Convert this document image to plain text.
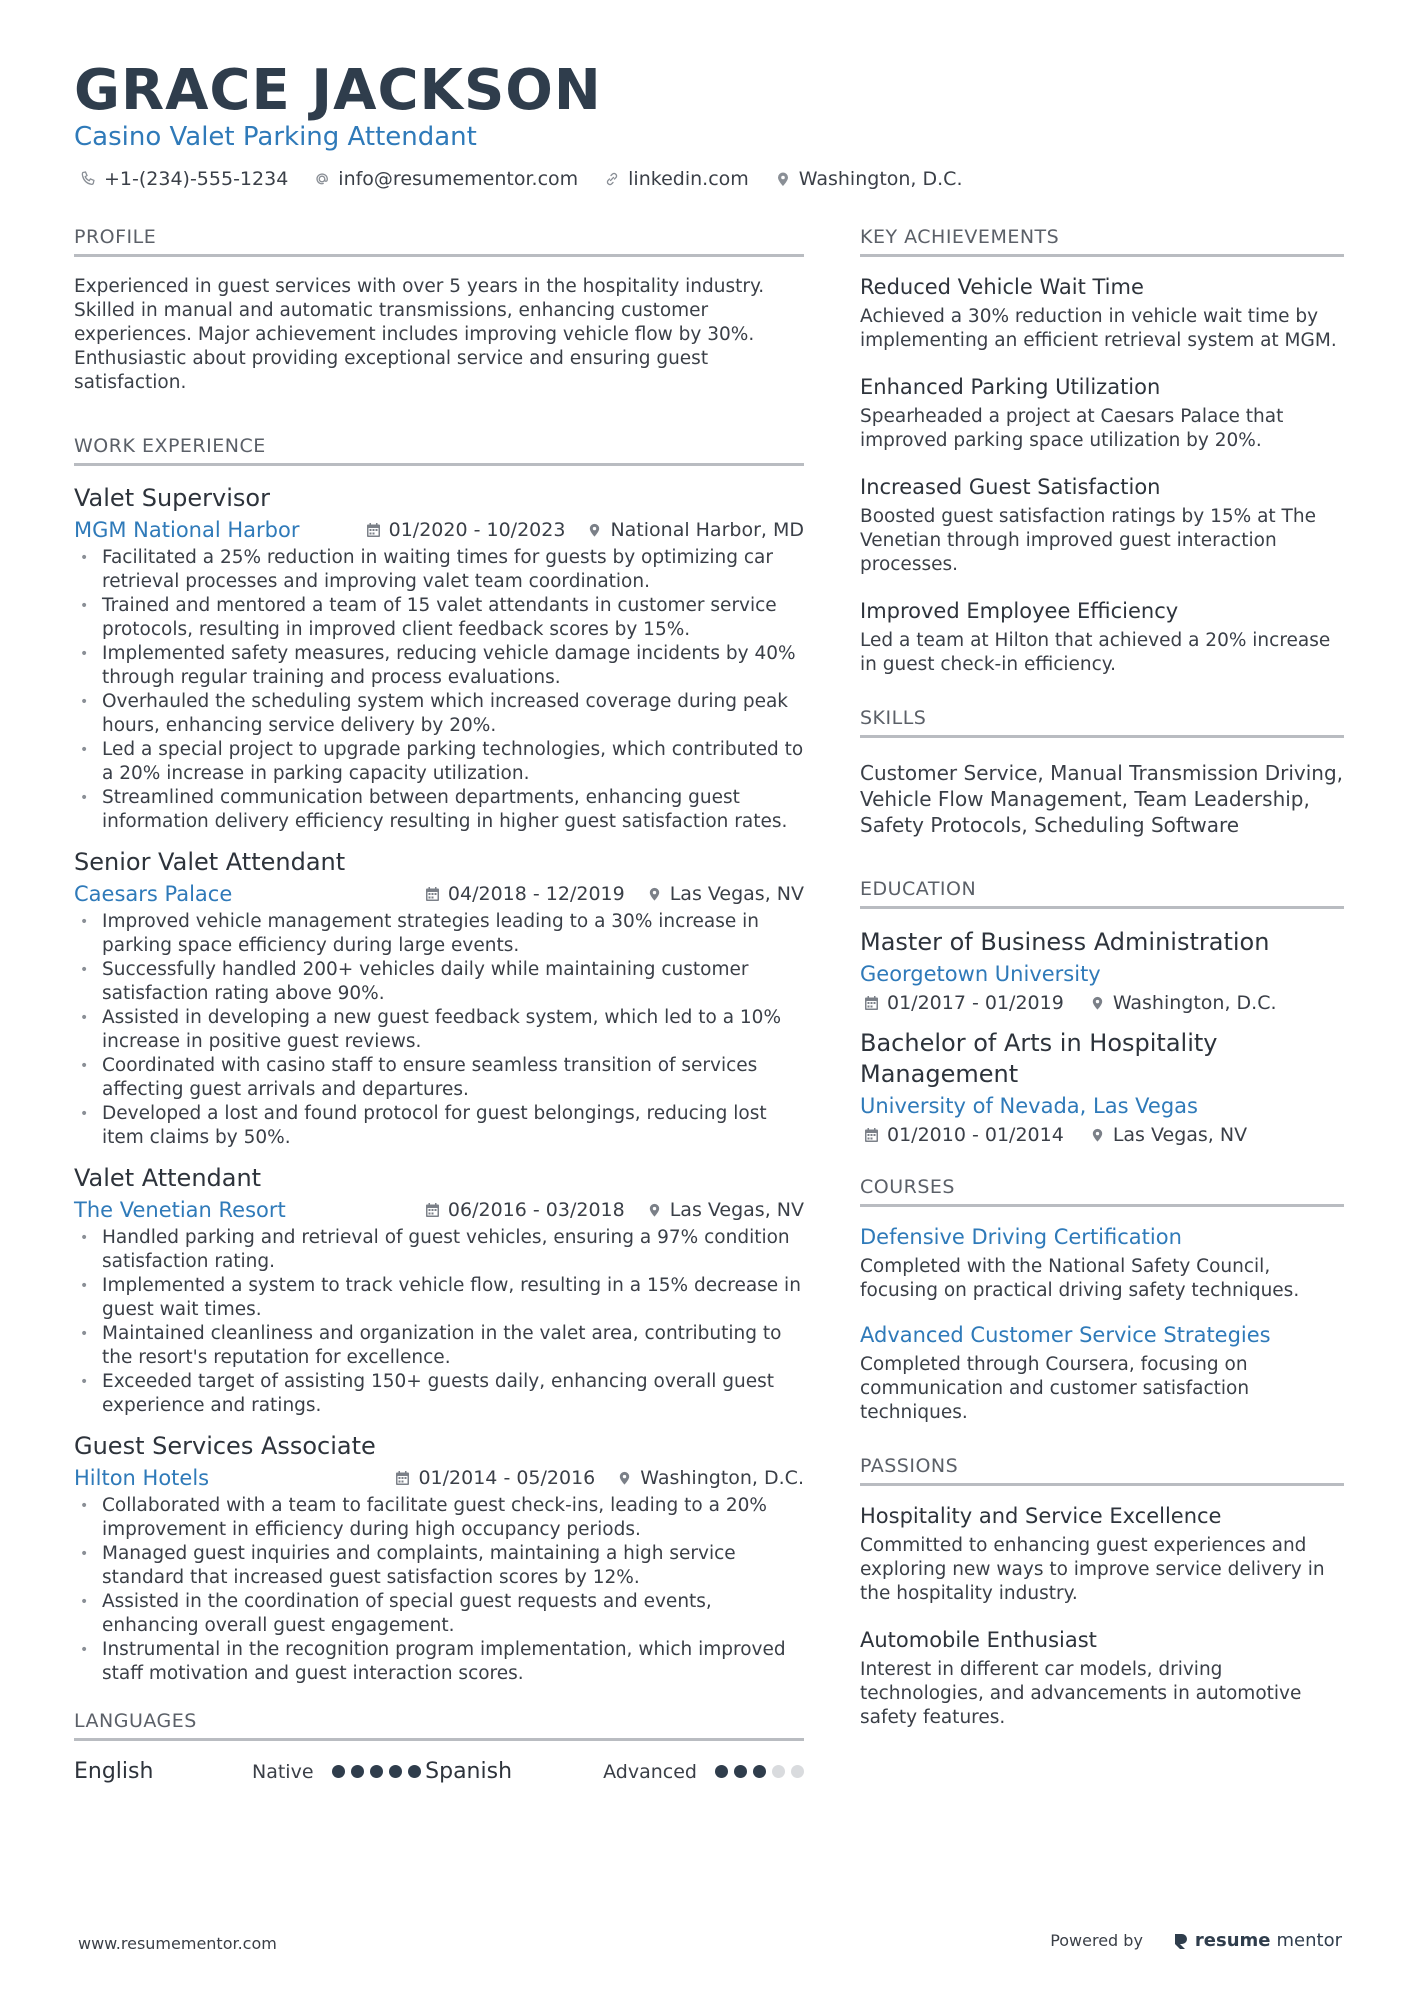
GRACE JACKSON
Casino Valet Parking Attendant
+1-(234)-555-1234	info@resumementor.com	linkedin.com	Washington, D.C.
PROFILE

Experienced in guest services with over 5 years in the hospitality industry. Skilled in manual and automatic transmissions, enhancing customer experiences. Major achievement includes improving vehicle flow by 30%. Enthusiastic about providing exceptional service and ensuring guest satisfaction.

WORK EXPERIENCE
Valet Supervisor
MGM National Harbor	01/2020 - 10/2023 National Harbor, MD
• Facilitated a 25% reduction in waiting times for guests by optimizing car retrieval processes and improving valet team coordination.
• Trained and mentored a team of 15 valet attendants in customer service protocols, resulting in improved client feedback scores by 15%.
• Implemented safety measures, reducing vehicle damage incidents by 40% through regular training and process evaluations.
• Overhauled the scheduling system which increased coverage during peak hours, enhancing service delivery by 20%.
• Led a special project to upgrade parking technologies, which contributed to a 20% increase in parking capacity utilization.
• Streamlined communication between departments, enhancing guest information delivery efficiency resulting in higher guest satisfaction rates.
Senior Valet Attendant
Caesars Palace	04/2018 - 12/2019 Las Vegas, NV
• Improved vehicle management strategies leading to a 30% increase in parking space efficiency during large events.
• Successfully handled 200+ vehicles daily while maintaining customer satisfaction rating above 90%.
• Assisted in developing a new guest feedback system, which led to a 10% increase in positive guest reviews.
• Coordinated with casino staff to ensure seamless transition of services affecting guest arrivals and departures.
• Developed a lost and found protocol for guest belongings, reducing lost item claims by 50%.
Valet Attendant
The Venetian Resort	06/2016 - 03/2018 Las Vegas, NV
• Handled parking and retrieval of guest vehicles, ensuring a 97% condition satisfaction rating.
• Implemented a system to track vehicle flow, resulting in a 15% decrease in guest wait times.
• Maintained cleanliness and organization in the valet area, contributing to the resort's reputation for excellence.
• Exceeded target of assisting 150+ guests daily, enhancing overall guest experience and ratings.
Guest Services Associate
Hilton Hotels	01/2014 - 05/2016 Washington, D.C.
• Collaborated with a team to facilitate guest check-ins, leading to a 20% improvement in efficiency during high occupancy periods.
• Managed guest inquiries and complaints, maintaining a high service standard that increased guest satisfaction scores by 12%.
• Assisted in the coordination of special guest requests and events, enhancing overall guest engagement.
• Instrumental in the recognition program implementation, which improved staff motivation and guest interaction scores.
LANGUAGES
English	Native	Spanish	Advanced
KEY ACHIEVEMENTS
Reduced Vehicle Wait Time
Achieved a 30% reduction in vehicle wait time by implementing an efficient retrieval system at MGM.
Enhanced Parking Utilization
Spearheaded a project at Caesars Palace that improved parking space utilization by 20%.
Increased Guest Satisfaction
Boosted guest satisfaction ratings by 15% at The Venetian through improved guest interaction processes.
Improved Employee Efficiency
Led a team at Hilton that achieved a 20% increase in guest check-in efficiency.
SKILLS

Customer Service, Manual Transmission Driving, Vehicle Flow Management, Team Leadership, Safety Protocols, Scheduling Software

EDUCATION
Master of Business Administration
Georgetown University
01/2017 - 01/2019	Washington, D.C.
Bachelor of Arts in Hospitality Management
University of Nevada, Las Vegas
01/2010 - 01/2014	Las Vegas, NV
COURSES
Defensive Driving Certification
Completed with the National Safety Council, focusing on practical driving safety techniques.
Advanced Customer Service Strategies
Completed through Coursera, focusing on communication and customer satisfaction techniques.
PASSIONS
Hospitality and Service Excellence
Committed to enhancing guest experiences and exploring new ways to improve service delivery in the hospitality industry.
Automobile Enthusiast
Interest in different car models, driving technologies, and advancements in automotive safety features.
www.resumementor.com	Powered by	resume mentor
